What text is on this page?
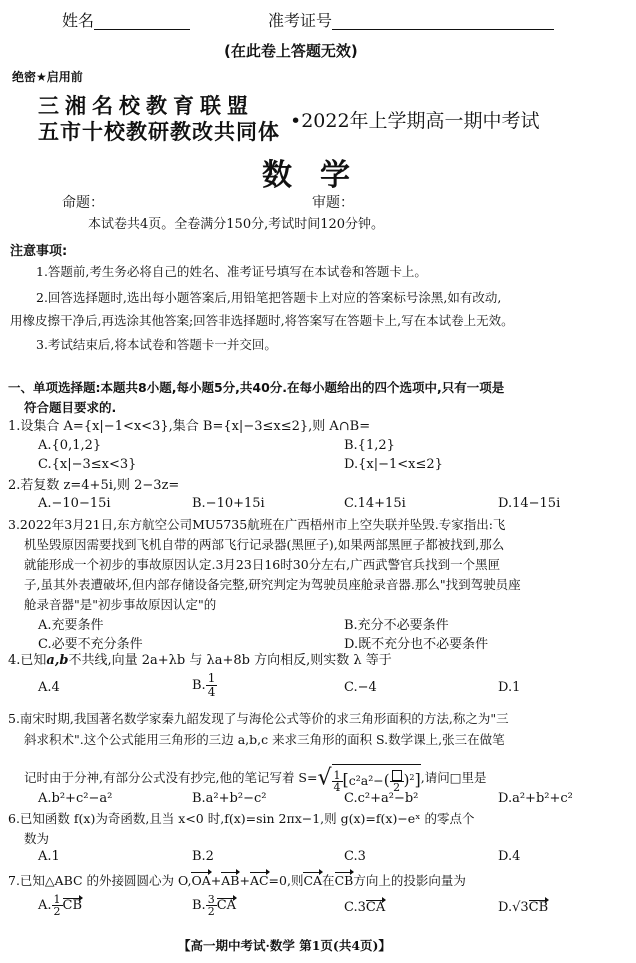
姓名	准考证号
(在此卷上答题无效)
绝密★启用前
三湘名校教育联盟
五市十校教研教改共同体 •2022年上学期高一期中考试
数学
命题：	审题：
本试卷共4页。全卷满分150分,考试时间120分钟。
注意事项:
1.答题前,考生务必将自己的姓名、准考证号填写在本试卷和答题卡上。
2.回答选择题时,选出每小题答案后,用铅笔把答题卡上对应的答案标号涂黑,如有改动,
用橡皮擦干净后,再选涂其他答案;回答非选择题时,将答案写在答题卡上,写在本试卷上无效。
3.考试结束后,将本试卷和答题卡一并交回。
一、单项选择题:本题共8小题,每小题5分,共40分.在每小题给出的四个选项中,只有一项是
符合题目要求的.
1.设集合 A={x|−1<x<3},集合 B={x|−3≤x≤2},则 A∩B=
A.{0,1,2}	B.{1,2}
C.{x|−3≤x<3}	D.{x|−1<x≤2}
2.若复数 z=4+5i,则 2−3z=
A.−10−15i	B.−10+15i	C.14+15i	D.14−15i
3.2022年3月21日,东方航空公司MU5735航班在广西梧州市上空失联并坠毁.专家指出:飞
机坠毁原因需要找到飞机自带的两部飞行记录器(黑匣子),如果两部黑匣子都被找到,那么
就能形成一个初步的事故原因认定.3月23日16时30分左右,广西武警官兵找到一个黑匣
子,虽其外表遭破坏,但内部存储设备完整,研究判定为驾驶员座舱录音器.那么"找到驾驶员座
舱录音器"是"初步事故原因认定"的
A.充要条件	B.充分不必要条件
C.必要不充分条件	D.既不充分也不必要条件
4.已知a,b不共线,向量 2a+λb 与 λa+8b 方向相反,则实数 λ 等于
A.4	B. $\frac{1}{4}$	C.−4	D.1
5.南宋时期,我国著名数学家秦九韶发现了与海伦公式等价的求三角形面积的方法,称之为"三
斜求积术".这个公式能用三角形的三边 a,b,c 来求三角形的面积 S.数学课上,张三在做笔
记时由于分神,有部分公式没有抄完,他的笔记写着 $S=√ \frac{1}{4} [c^2a^2-$( 2 )$^2$],请问□里是
A.b²+c²−a²	B.a²+b²−c²	C.c²+a²−b²	D.a²+b²+c²
6.已知函数 f(x)为奇函数,且当 x<0 时,f(x)=sin 2πx−1,则 g(x)=f(x)−eˣ 的零点个
数为
A.1	B.2	C.3	D.4
7.已知△ABC 的外接圆圆心为 O,OA+AB+AC=0,则CA在CB方向上的投影向量为
A. $\frac{1}{2}$ CB	B. $\frac{3}{2}$ CA	C.3CA	D.√3CB
【高一期中考试·数学 第1页(共4页)】
